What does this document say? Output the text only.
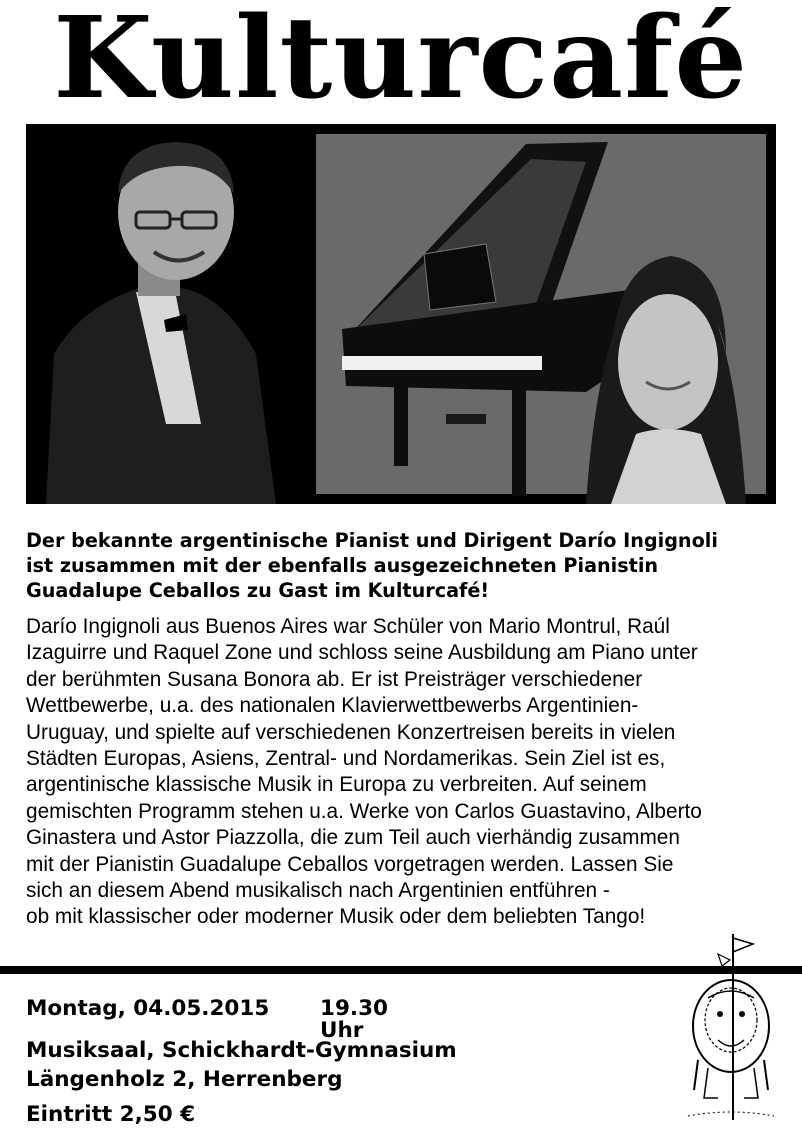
Kulturcafé
Der bekannte argentinische Pianist und Dirigent Darío Ingignoli
ist zusammen mit der ebenfalls ausgezeichneten Pianistin
Guadalupe Ceballos zu Gast im Kulturcafé!
Darío Ingignoli aus Buenos Aires war Schüler von Mario Montrul, Raúl
Izaguirre und Raquel Zone und schloss seine Ausbildung am Piano unter
der berühmten Susana Bonora ab. Er ist Preisträger verschiedener
Wettbewerbe, u.a. des nationalen Klavierwettbewerbs Argentinien-
Uruguay, und spielte auf verschiedenen Konzertreisen bereits in vielen
Städten Europas, Asiens, Zentral- und Nordamerikas. Sein Ziel ist es,
argentinische klassische Musik in Europa zu verbreiten. Auf seinem
gemischten Programm stehen u.a. Werke von Carlos Guastavino, Alberto
Ginastera und Astor Piazzolla, die zum Teil auch vierhändig zusammen
mit der Pianistin Guadalupe Ceballos vorgetragen werden. Lassen Sie
sich an diesem Abend musikalisch nach Argentinien entführen -
ob mit klassischer oder moderner Musik oder dem beliebten Tango!
Montag, 04.05.2015 19.30 Uhr
Musiksaal, Schickhardt-Gymnasium
Längenholz 2, Herrenberg
Eintritt 2,50 €
